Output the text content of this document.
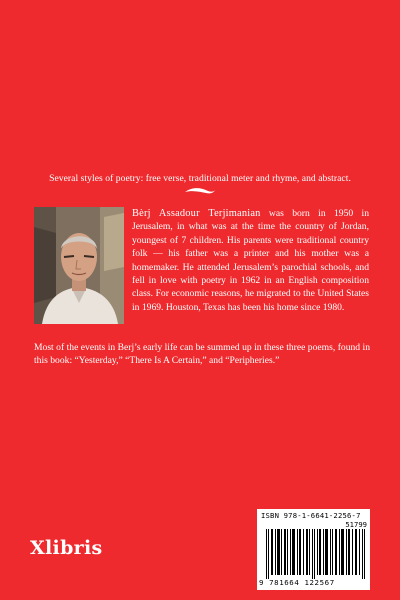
Several styles of poetry: free verse, traditional meter and rhyme, and abstract.
Bèrj Assadour Terjimanian was born in 1950 in Jerusalem, in what was at the time the country of Jordan, youngest of 7 children. His parents were traditional country folk — his father was a printer and his mother was a homemaker. He attended Jerusalem’s parochial schools, and fell in love with poetry in 1962 in an English composition class. For economic reasons, he migrated to the United States in 1969. Houston, Texas has been his home since 1980.
Most of the events in Berj’s early life can be summed up in these three poems, found in this book: “Yesterday,” “There Is A Certain,” and “Peripheries.”
ISBN 978-1-6641-2256-7
51799
9 781664 122567
Xlibris
